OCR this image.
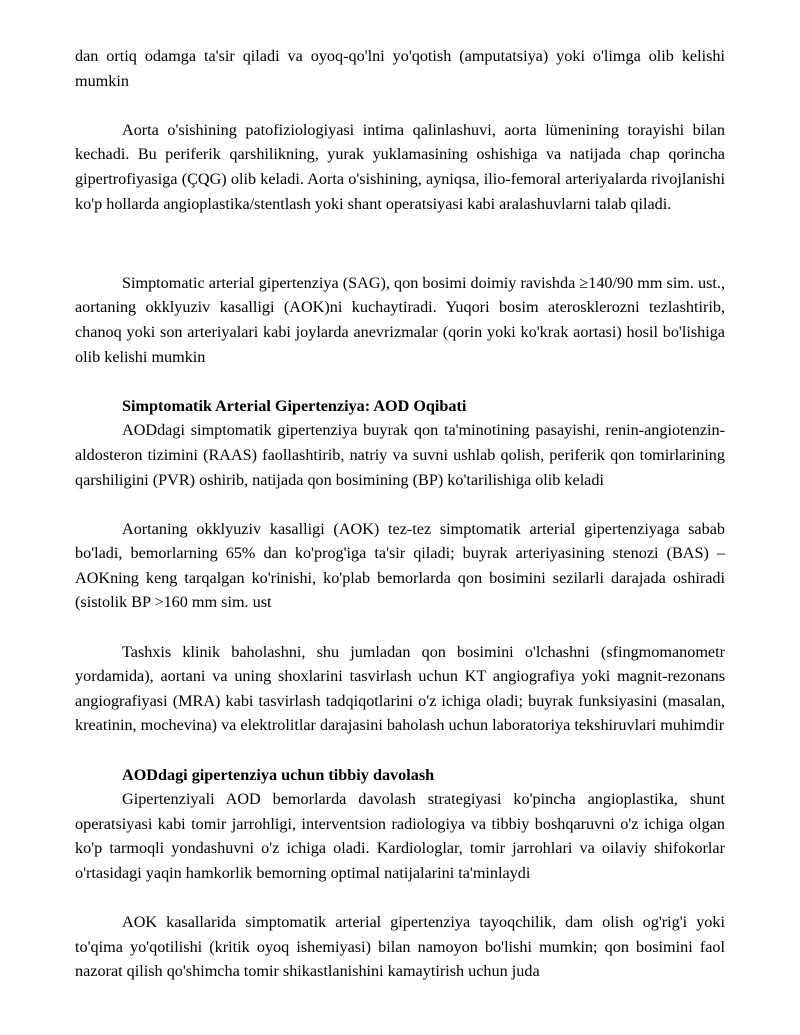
dan ortiq odamga ta'sir qiladi va oyoq-qo'lni yo'qotish (amputatsiya) yoki o'limga olib kelishi mumkin

Aorta o'sishining patofiziologiyasi intima qalinlashuvi, aorta lümenining torayishi bilan kechadi. Bu periferik qarshilikning, yurak yuklamasining oshishiga va natijada chap qorincha gipertrofiyasiga (ÇQG) olib keladi. Aorta o'sishining, ayniqsa, ilio-femoral arteriyalarda rivojlanishi ko'p hollarda angioplastika/stentlash yoki shant operatsiyasi kabi aralashuvlarni talab qiladi.

Simptomatic arterial gipertenziya (SAG), qon bosimi doimiy ravishda ≥140/90 mm sim. ust., aortaning okklyuziv kasalligi (AOK)ni kuchaytiradi. Yuqori bosim aterosklerozni tezlashtirib, chanoq yoki son arteriyalari kabi joylarda anevrizmalar (qorin yoki ko'krak aortasi) hosil bo'lishiga olib kelishi mumkin

Simptomatik Arterial Gipertenziya: AOD Oqibati

AODdagi simptomatik gipertenziya buyrak qon ta'minotining pasayishi, renin-angiotenzin-aldosteron tizimini (RAAS) faollashtirib, natriy va suvni ushlab qolish, periferik qon tomirlarining qarshiligini (PVR) oshirib, natijada qon bosimining (BP) ko'tarilishiga olib keladi

Aortaning okklyuziv kasalligi (AOK) tez-tez simptomatik arterial gipertenziyaga sabab bo'ladi, bemorlarning 65% dan ko'prog'iga ta'sir qiladi; buyrak arteriyasining stenozi (BAS) – AOKning keng tarqalgan ko'rinishi, ko'plab bemorlarda qon bosimini sezilarli darajada oshiradi (sistolik BP >160 mm sim. ust

Tashxis klinik baholashni, shu jumladan qon bosimini o'lchashni (sfingmomanometr yordamida), aortani va uning shoxlarini tasvirlash uchun KT angiografiya yoki magnit-rezonans angiografiyasi (MRA) kabi tasvirlash tadqiqotlarini o'z ichiga oladi; buyrak funksiyasini (masalan, kreatinin, mochevina) va elektrolitlar darajasini baholash uchun laboratoriya tekshiruvlari muhimdir

AODdagi gipertenziya uchun tibbiy davolash

Gipertenziyali AOD bemorlarda davolash strategiyasi ko'pincha angioplastika, shunt operatsiyasi kabi tomir jarrohligi, interventsion radiologiya va tibbiy boshqaruvni o'z ichiga olgan ko'p tarmoqli yondashuvni o'z ichiga oladi. Kardiologlar, tomir jarrohlari va oilaviy shifokorlar o'rtasidagi yaqin hamkorlik bemorning optimal natijalarini ta'minlaydi

AOK kasallarida simptomatik arterial gipertenziya tayoqchilik, dam olish og'rig'i yoki to'qima yo'qotilishi (kritik oyoq ishemiyasi) bilan namoyon bo'lishi mumkin; qon bosimini faol nazorat qilish qo'shimcha tomir shikastlanishini kamaytirish uchun juda
